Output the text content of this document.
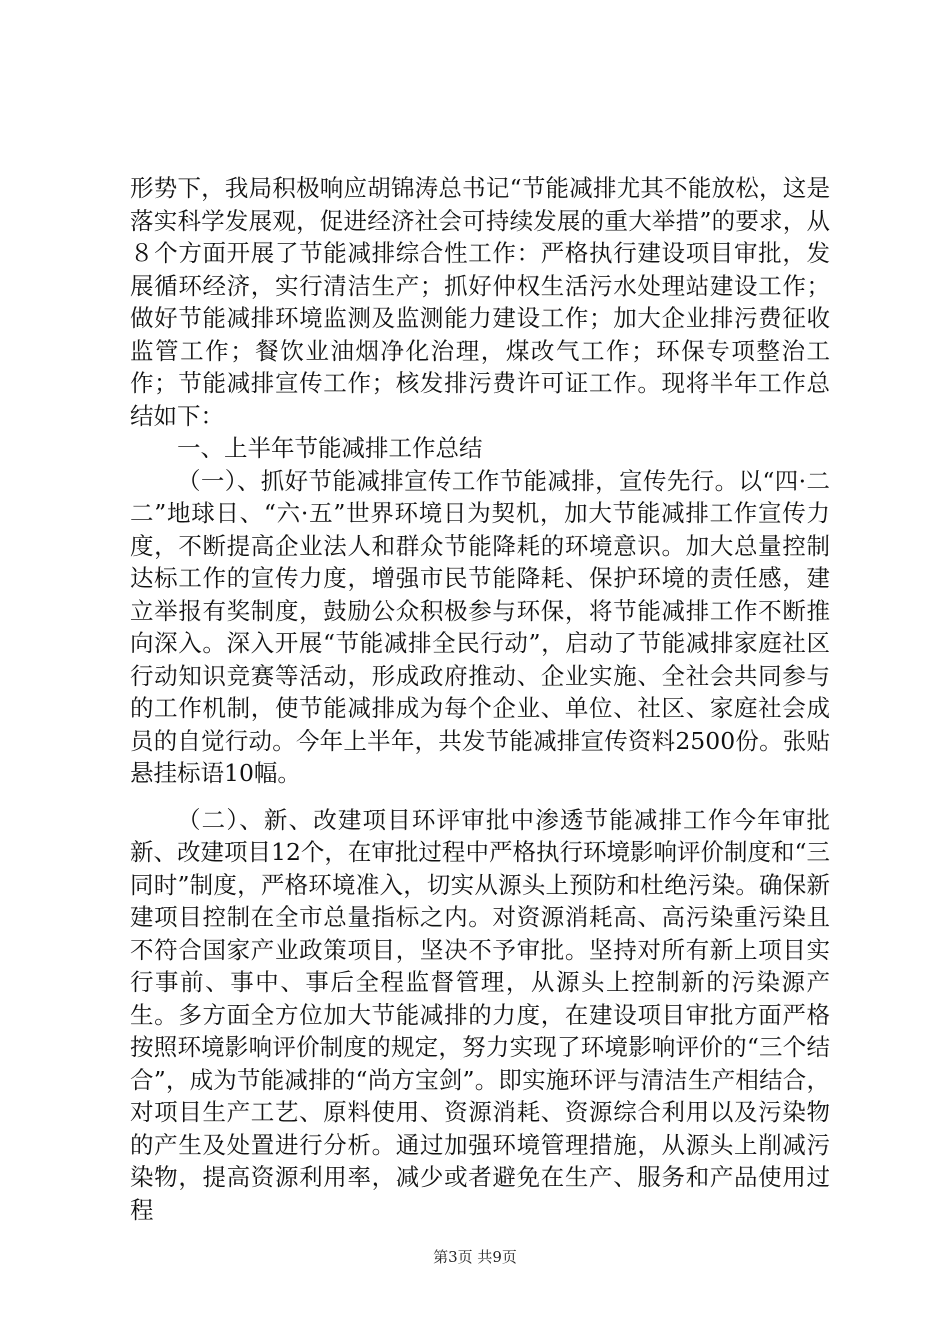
形势下，我局积极响应胡锦涛总书记“节能减排尤其不能放松，这是落实科学发展观，促进经济社会可持续发展的重大举措”的要求，从８个方面开展了节能减排综合性工作：严格执行建设项目审批，发展循环经济，实行清洁生产；抓好仲权生活污水处理站建设工作；做好节能减排环境监测及监测能力建设工作；加大企业排污费征收监管工作；餐饮业油烟净化治理，煤改气工作；环保专项整治工作；节能减排宣传工作；核发排污费许可证工作。现将半年工作总结如下：

一、上半年节能减排工作总结

（一）、抓好节能减排宣传工作节能减排，宣传先行。以“四·二二”地球日、“六·五”世界环境日为契机，加大节能减排工作宣传力度，不断提高企业法人和群众节能降耗的环境意识。加大总量控制达标工作的宣传力度，增强市民节能降耗、保护环境的责任感，建立举报有奖制度，鼓励公众积极参与环保，将节能减排工作不断推向深入。深入开展“节能减排全民行动”，启动了节能减排家庭社区行动知识竞赛等活动，形成政府推动、企业实施、全社会共同参与的工作机制，使节能减排成为每个企业、单位、社区、家庭社会成员的自觉行动。今年上半年，共发节能减排宣传资料2500份。张贴悬挂标语10幅。

（二）、新、改建项目环评审批中渗透节能减排工作今年审批新、改建项目12个，在审批过程中严格执行环境影响评价制度和“三同时”制度，严格环境准入，切实从源头上预防和杜绝污染。确保新建项目控制在全市总量指标之内。对资源消耗高、高污染重污染且不符合国家产业政策项目，坚决不予审批。坚持对所有新上项目实行事前、事中、事后全程监督管理，从源头上控制新的污染源产生。多方面全方位加大节能减排的力度，在建设项目审批方面严格按照环境影响评价制度的规定，努力实现了环境影响评价的“三个结合”，成为节能减排的“尚方宝剑”。即实施环评与清洁生产相结合，对项目生产工艺、原料使用、资源消耗、资源综合利用以及污染物的产生及处置进行分析。通过加强环境管理措施，从源头上削减污染物，提高资源利用率，减少或者避免在生产、服务和产品使用过程

第3页 共9页
